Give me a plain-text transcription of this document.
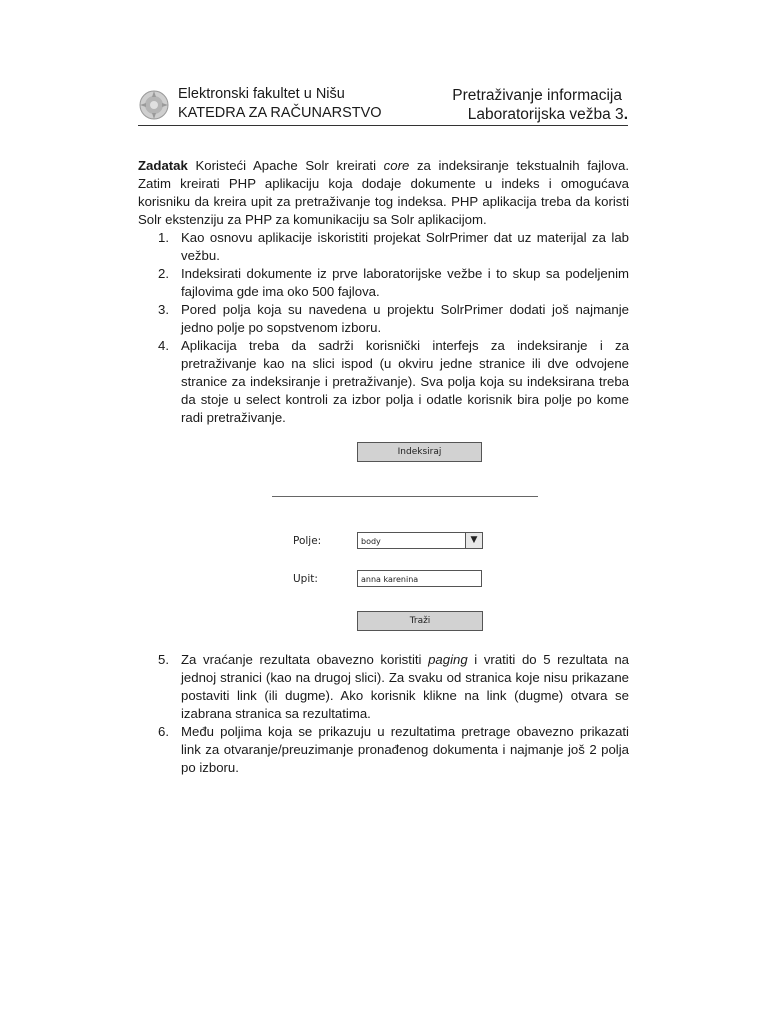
Elektronski fakultet u Nišu
KATEDRA ZA RAČUNARSTVO
Pretraživanje informacija
Laboratorijska vežba 3.

Zadatak Koristeći Apache Solr kreirati core za indeksiranje tekstualnih fajlova. Zatim kreirati PHP aplikaciju koja dodaje dokumente u indeks i omogućava korisniku da kreira upit za pretraživanje tog indeksa. PHP aplikacija treba da koristi Solr ekstenziju za PHP za komunikaciju sa Solr aplikacijom.

1. Kao osnovu aplikacije iskoristiti projekat SolrPrimer dat uz materijal za lab vežbu.
2. Indeksirati dokumente iz prve laboratorijske vežbe i to skup sa podeljenim fajlovima gde ima oko 500 fajlova.
3. Pored polja koja su navedena u projektu SolrPrimer dodati još najmanje jedno polje po sopstvenom izboru.
4. Aplikacija treba da sadrži korisnički interfejs za indeksiranje i za pretraživanje kao na slici ispod (u okviru jedne stranice ili dve odvojene stranice za indeksiranje i pretraživanje). Sva polja koja su indeksirana treba da stoje u select kontroli za izbor polja i odatle korisnik bira polje po kome radi pretraživanje.
5. Za vraćanje rezultata obavezno koristiti paging i vratiti do 5 rezultata na jednoj stranici (kao na drugoj slici). Za svaku od stranica koje nisu prikazane postaviti link (ili dugme). Ako korisnik klikne na link (dugme) otvara se izabrana stranica sa rezultatima.
6. Među poljima koja se prikazuju u rezultatima pretrage obavezno prikazati link za otvaranje/preuzimanje pronađenog dokumenta i najmanje još 2 polja po izboru.
Indeksiraj
Polje:	body	▼
Upit:	anna karenina
Traži
